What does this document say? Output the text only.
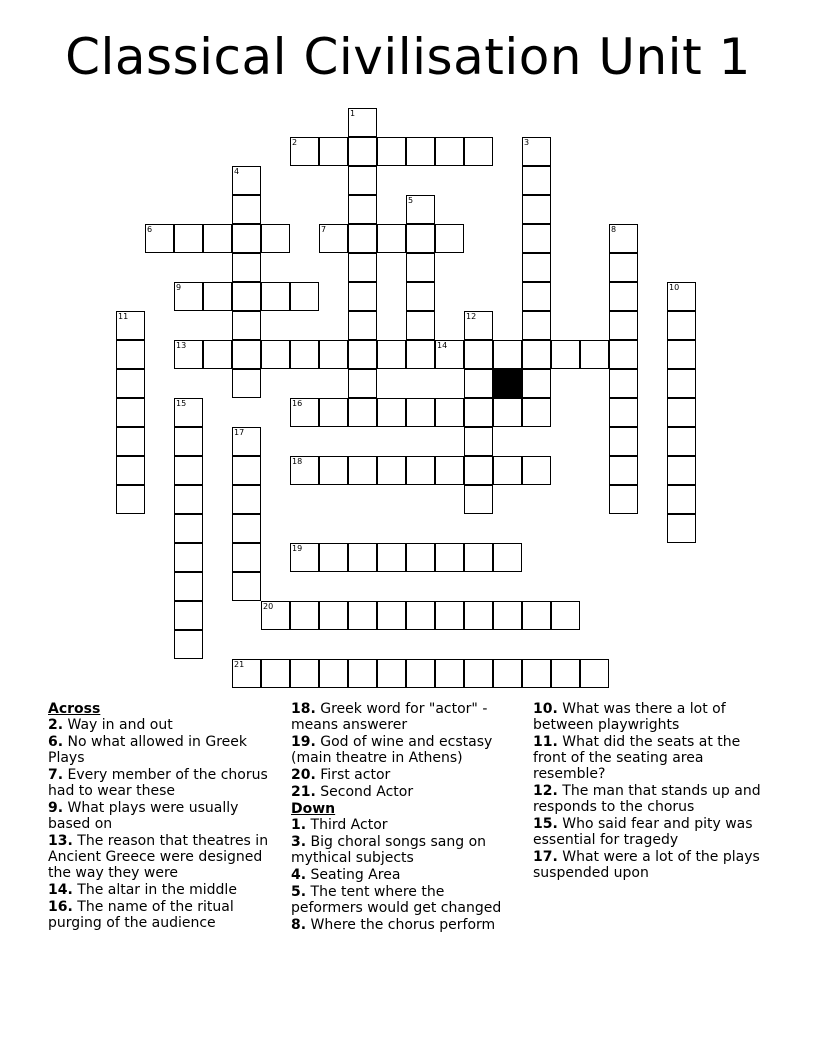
Classical Civilisation Unit 1
1
2	3
4
5
6	7	8
9	10
11	12
13	14
15	16
17
18
19
20
21
Across
2. Way in and out
6. No what allowed in Greek Plays
7. Every member of the chorus had to wear these
9. What plays were usually based on
13. The reason that theatres in Ancient Greece were designed the way they were
14. The altar in the middle
16. The name of the ritual purging of the audience
18. Greek word for "actor" - means answerer
19. God of wine and ecstasy (main theatre in Athens)
20. First actor
21. Second Actor
Down
1. Third Actor
3. Big choral songs sang on mythical subjects
4. Seating Area
5. The tent where the peformers would get changed
8. Where the chorus perform
10. What was there a lot of between playwrights
11. What did the seats at the front of the seating area resemble?
12. The man that stands up and responds to the chorus
15. Who said fear and pity was essential for tragedy
17. What were a lot of the plays suspended upon
